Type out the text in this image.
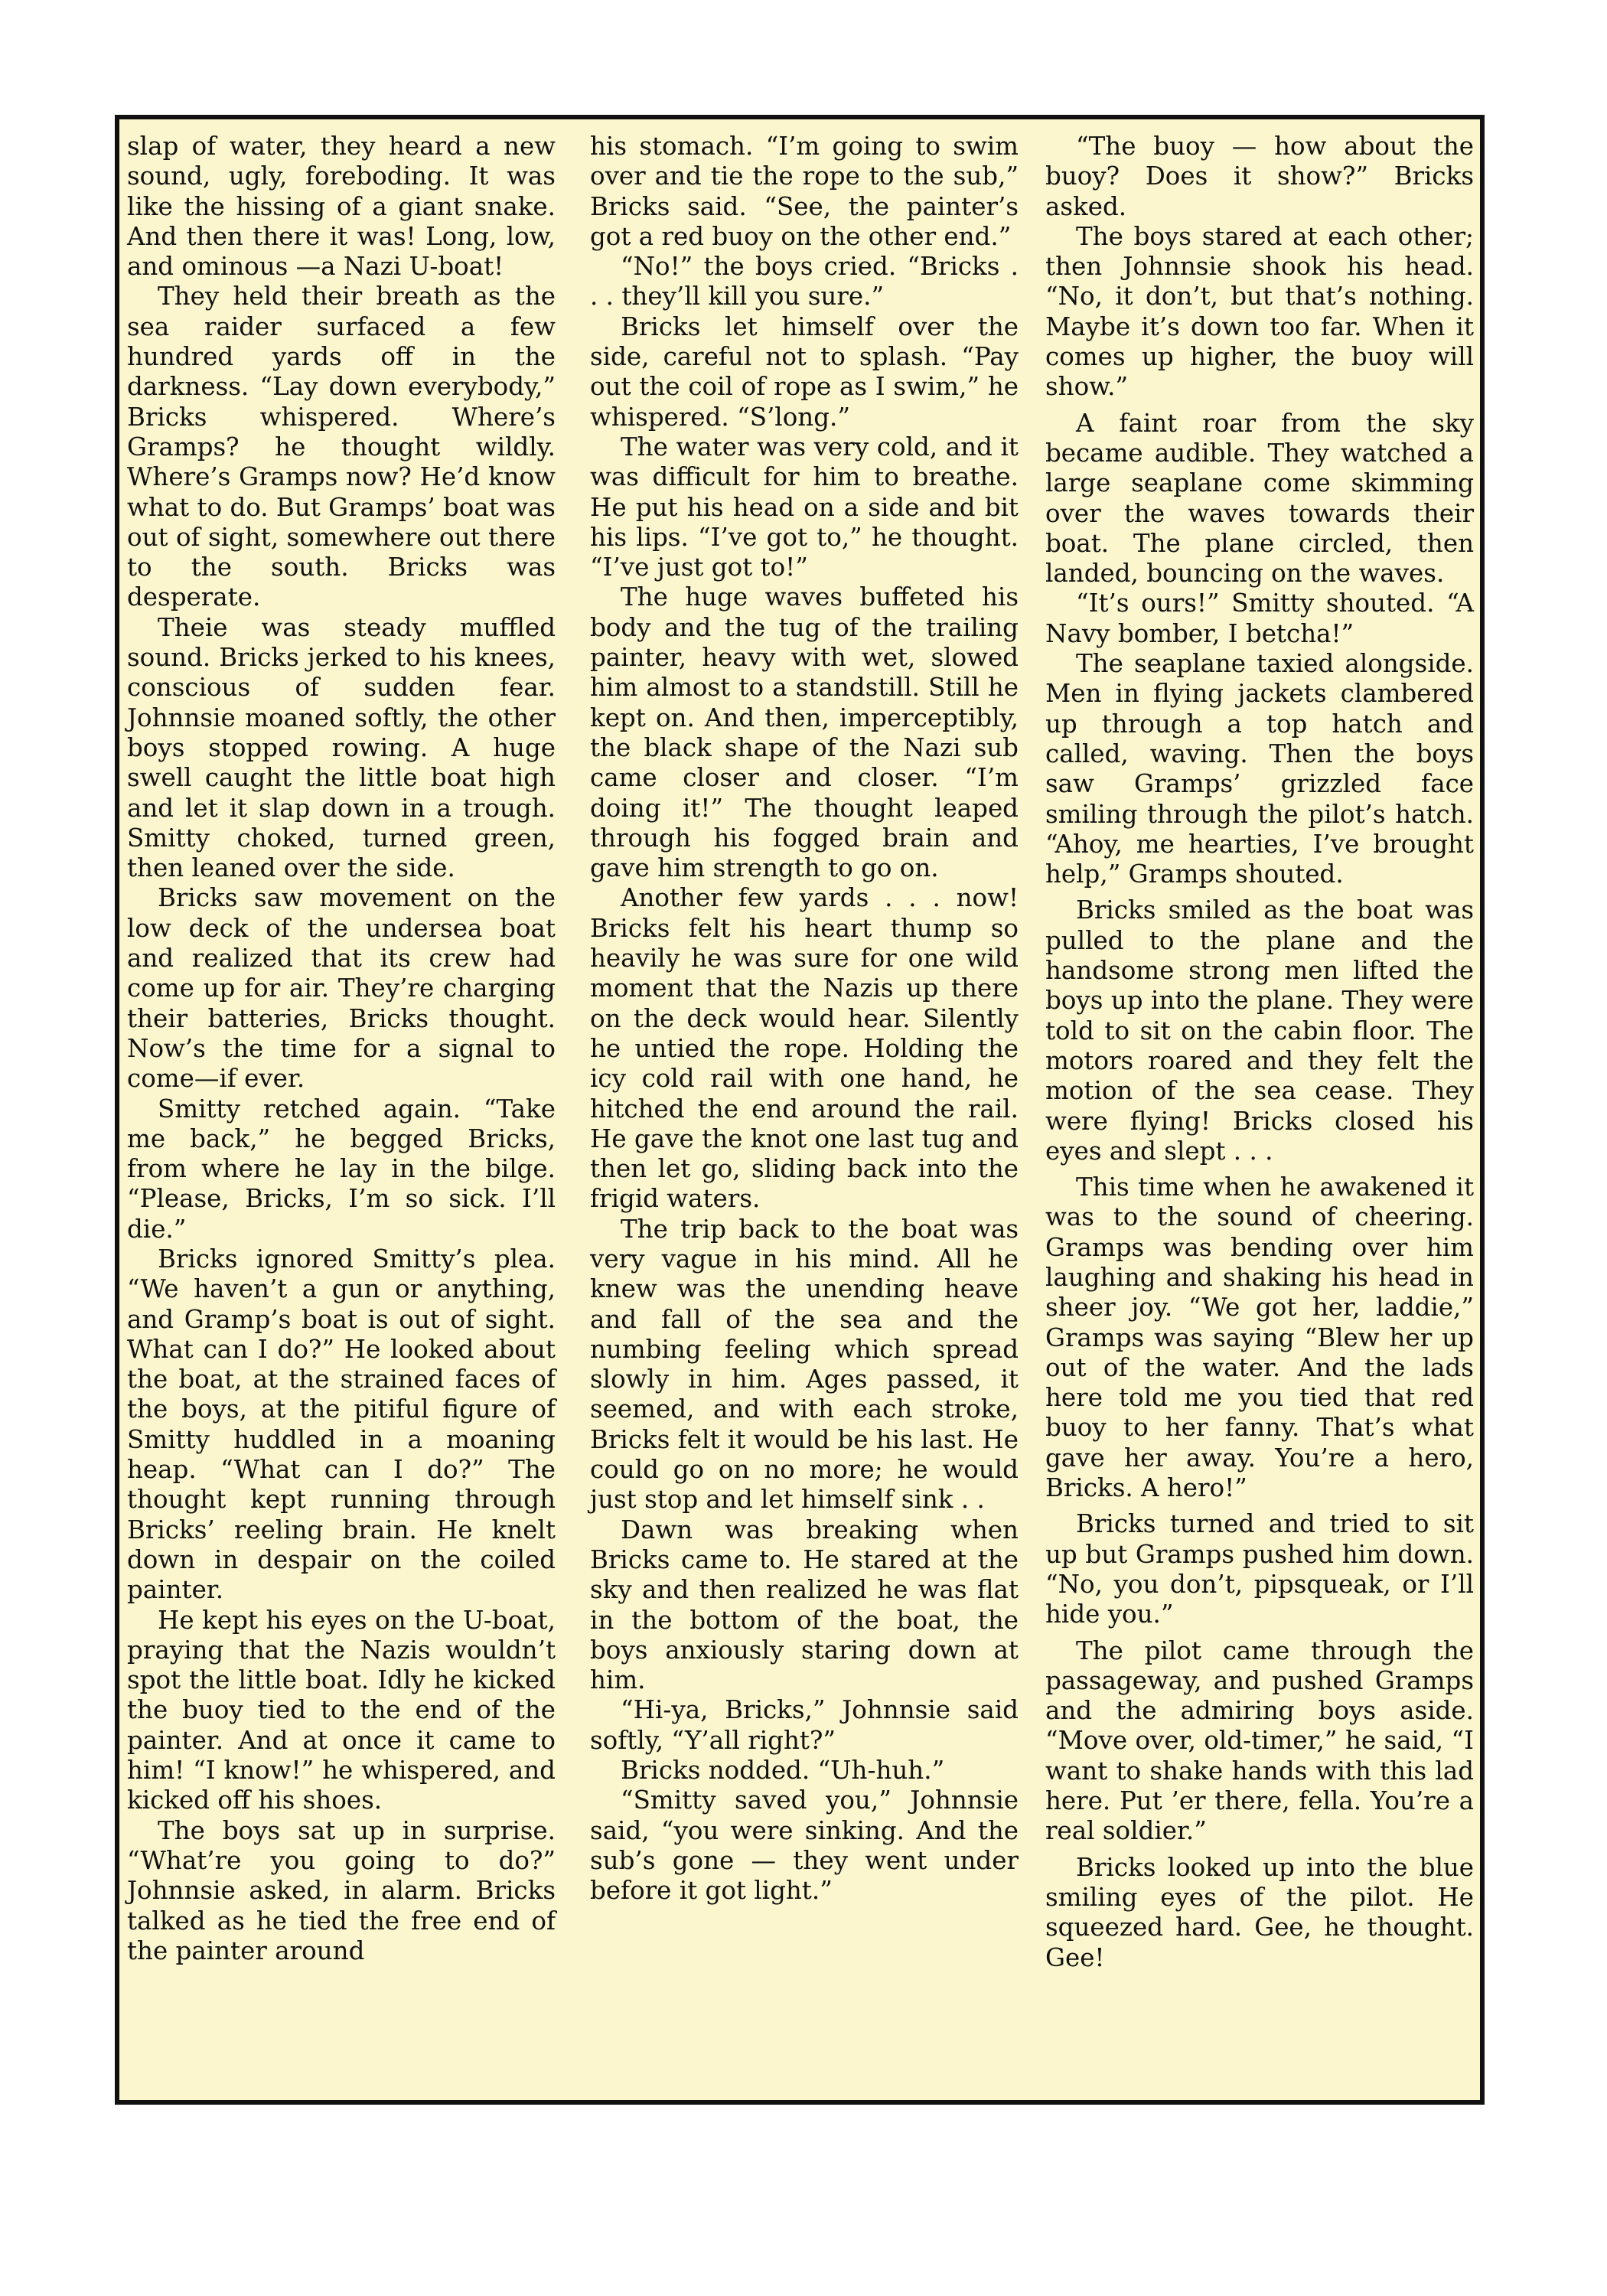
slap of water, they heard a new sound, ugly, foreboding. It was like the hissing of a giant snake. And then there it was! Long, low, and ominous —a Nazi U-boat!

They held their breath as the sea raider surfaced a few hundred yards off in the darkness. “Lay down everybody,” Bricks whispered. Where’s Gramps? he thought wildly. Where’s Gramps now? He’d know what to do. But Gramps’ boat was out of sight, somewhere out there to the south. Bricks was desperate.

Theie was steady muffled sound. Bricks jerked to his knees, conscious of sudden fear. Johnnsie moaned softly, the other boys stopped rowing. A huge swell caught the little boat high and let it slap down in a trough. Smitty choked, turned green, then leaned over the side.

Bricks saw movement on the low deck of the undersea boat and realized that its crew had come up for air. They’re charging their batteries, Bricks thought. Now’s the time for a signal to come—if ever.

Smitty retched again. “Take me back,” he begged Bricks, from where he lay in the bilge. “Please, Bricks, I’m so sick. I’ll die.”

Bricks ignored Smitty’s plea. “We haven’t a gun or anything, and Gramp’s boat is out of sight. What can I do?” He looked about the boat, at the strained faces of the boys, at the pitiful figure of Smitty huddled in a moaning heap. “What can I do?” The thought kept running through Bricks’ reeling brain. He knelt down in despair on the coiled painter.

He kept his eyes on the U-boat, praying that the Nazis wouldn’t spot the little boat. Idly he kicked the buoy tied to the end of the painter. And at once it came to him! “I know!” he whispered, and kicked off his shoes.

The boys sat up in surprise. “What’re you going to do?” Johnnsie asked, in alarm. Bricks talked as he tied the free end of the painter around

his stomach. “I’m going to swim over and tie the rope to the sub,” Bricks said. “See, the painter’s got a red buoy on the other end.”

“No!” the boys cried. “Bricks . . . they’ll kill you sure.”

Bricks let himself over the side, careful not to splash. “Pay out the coil of rope as I swim,” he whispered. “S’long.”

The water was very cold, and it was difficult for him to breathe. He put his head on a side and bit his lips. “I’ve got to,” he thought. “I’ve just got to!”

The huge waves buffeted his body and the tug of the trailing painter, heavy with wet, slowed him almost to a standstill. Still he kept on. And then, imperceptibly, the black shape of the Nazi sub came closer and closer. “I’m doing it!” The thought leaped through his fogged brain and gave him strength to go on.

Another few yards . . . now! Bricks felt his heart thump so heavily he was sure for one wild moment that the Nazis up there on the deck would hear. Silently he untied the rope. Holding the icy cold rail with one hand, he hitched the end around the rail. He gave the knot one last tug and then let go, sliding back into the frigid waters.

The trip back to the boat was very vague in his mind. All he knew was the unending heave and fall of the sea and the numbing feeling which spread slowly in him. Ages passed, it seemed, and with each stroke, Bricks felt it would be his last. He could go on no more; he would just stop and let himself sink . .

Dawn was breaking when Bricks came to. He stared at the sky and then realized he was flat in the bottom of the boat, the boys anxiously staring down at him.

“Hi-ya, Bricks,” Johnnsie said softly, “Y’all right?”

Bricks nodded. “Uh-huh.”

“Smitty saved you,” Johnnsie said, “you were sinking. And the sub’s gone — they went under before it got light.”

“The buoy — how about the buoy? Does it show?” Bricks asked.

The boys stared at each other; then Johnnsie shook his head. “No, it don’t, but that’s nothing. Maybe it’s down too far. When it comes up higher, the buoy will show.”

A faint roar from the sky became audible. They watched a large seaplane come skimming over the waves towards their boat. The plane circled, then landed, bouncing on the waves.

“It’s ours!” Smitty shouted. “A Navy bomber, I betcha!”

The seaplane taxied alongside. Men in flying jackets clambered up through a top hatch and called, waving. Then the boys saw Gramps’ grizzled face smiling through the pilot’s hatch. “Ahoy, me hearties, I’ve brought help,” Gramps shouted.

Bricks smiled as the boat was pulled to the plane and the handsome strong men lifted the boys up into the plane. They were told to sit on the cabin floor. The motors roared and they felt the motion of the sea cease. They were flying! Bricks closed his eyes and slept . . .

This time when he awakened it was to the sound of cheering. Gramps was bending over him laughing and shaking his head in sheer joy. “We got her, laddie,” Gramps was saying “Blew her up out of the water. And the lads here told me you tied that red buoy to her fanny. That’s what gave her away. You’re a hero, Bricks. A hero!”

Bricks turned and tried to sit up but Gramps pushed him down. “No, you don’t, pipsqueak, or I’ll hide you.”

The pilot came through the passageway, and pushed Gramps and the admiring boys aside. “Move over, old-timer,” he said, “I want to shake hands with this lad here. Put ’er there, fella. You’re a real soldier.”

Bricks looked up into the blue smiling eyes of the pilot. He squeezed hard. Gee, he thought. Gee!
